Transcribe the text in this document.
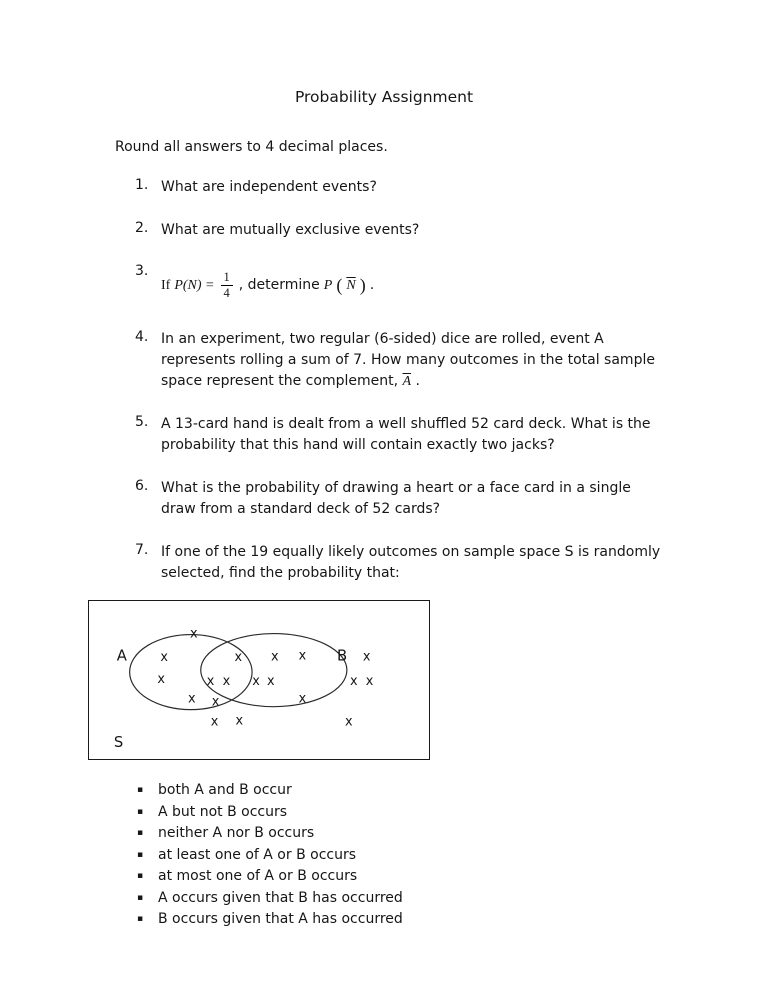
Probability Assignment
Round all answers to 4 decimal places.
1. What are independent events?
2. What are mutually exclusive events?
3.
If $P(N) = \frac{1}{4}$ , determine P ( $\overline{N}$ ) .
4. In an experiment, two regular (6-sided) dice are rolled, event A represents rolling a sum of 7. How many outcomes in the total sample space represent the complement, $\overline{A}$ .
5. A 13-card hand is dealt from a well shuffled 52 card deck. What is the probability that this hand will contain exactly two jacks?
6. What is the probability of drawing a heart or a face card in a single draw from a standard deck of 52 cards?
7. If one of the 19 equally likely outcomes on sample space S is randomly selected, find the probability that:
A	B
S
x
x	x x x	x
x	x x x x	x x
x x	x
x x	x
▪	both A and B occur
▪	A but not B occurs
▪	neither A nor B occurs
▪	at least one of A or B occurs
▪	at most one of A or B occurs
▪	A occurs given that B has occurred
▪	B occurs given that A has occurred
